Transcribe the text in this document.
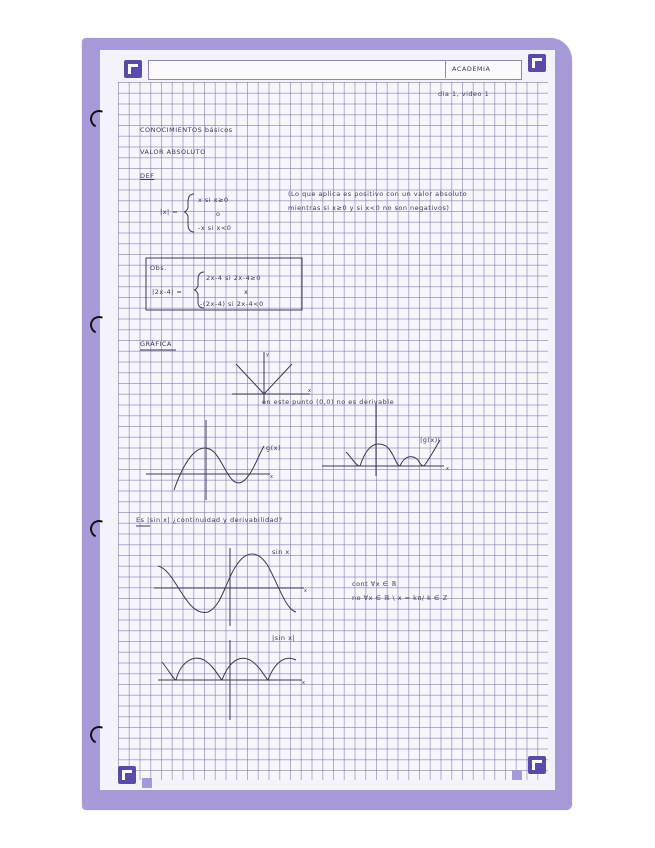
ACADEMIA
dia 1, video 1
CONOCIMIENTOS básicos
VALOR ABSOLUTO
DEF
|x| =
x si x≥0
o
-x si x<0
(Lo que aplica es positivo con un valor absoluto
mientras si x≥0 y si x<0 no son negativos)
Obs.
|2x-4| =
2x-4 si 2x-4≥0
x
-(2x-4) si 2x-4<0
GRÁFICA
en este punto (0,0) no es derivable
g(x)
|g(x)|
Es |sin x| ¿continuidad y derivabilidad?
sin x
|sin x|
cont ∀x ∈ ℝ
no ∀x ∈ ℝ \ x = kπ/ k ∈ ℤ
y
x
x
x
x
x
